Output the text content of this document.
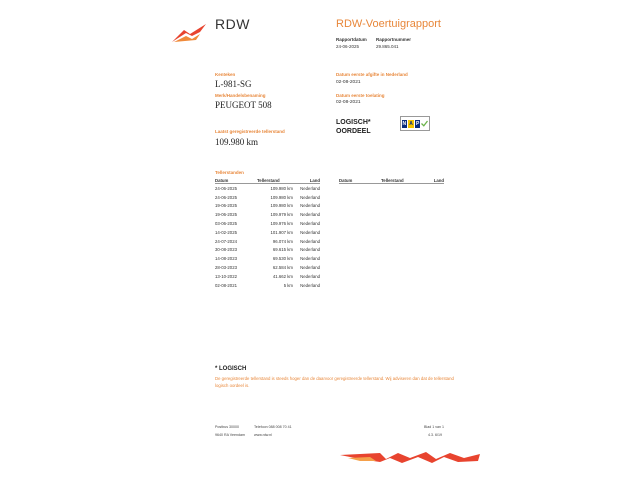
RDW	RDW-Voertuigrapport
Rapportdatum
24-06-2025
Rapportnummer
29.865.041
Kenteken
L-981-SG
Merk/Handelsbenaming
PEUGEOT 508
Datum eerste afgifte in Nederland
02-08-2021
Datum eerste toelating
02-08-2021
Laatst geregistreerde tellerstand
109.980 km
LOGISCH*
OORDEEL
N A P
Tellerstanden
Datum	Tellerstand	Land
24-06-2025	109.980 km	Nederland
24-06-2025	109.980 km	Nederland
19-06-2025	109.980 km	Nederland
19-06-2025	109.979 km	Nederland
03-06-2025	109.976 km	Nederland
14-02-2025	101.907 km	Nederland
24-07-2024	96.074 km	Nederland
30-08-2023	69.615 km	Nederland
14-08-2023	69.530 km	Nederland
28-03-2023	62.584 km	Nederland
13-10-2022	41.662 km	Nederland
02-08-2021	5 km	Nederland
Datum	Tellerstand	Land
* LOGISCH
De geregistreerde tellerstand is steeds hoger dan de daarvoor geregistreerde tellerstand. Wij adviseren dan dat de tellerstand logisch oordeel is.
Postbus 30000
9640 RA Veendam
Telefoon 088 008 70 41
www.rdw.nl
Blad 1 van 1
4.3. 6/19
